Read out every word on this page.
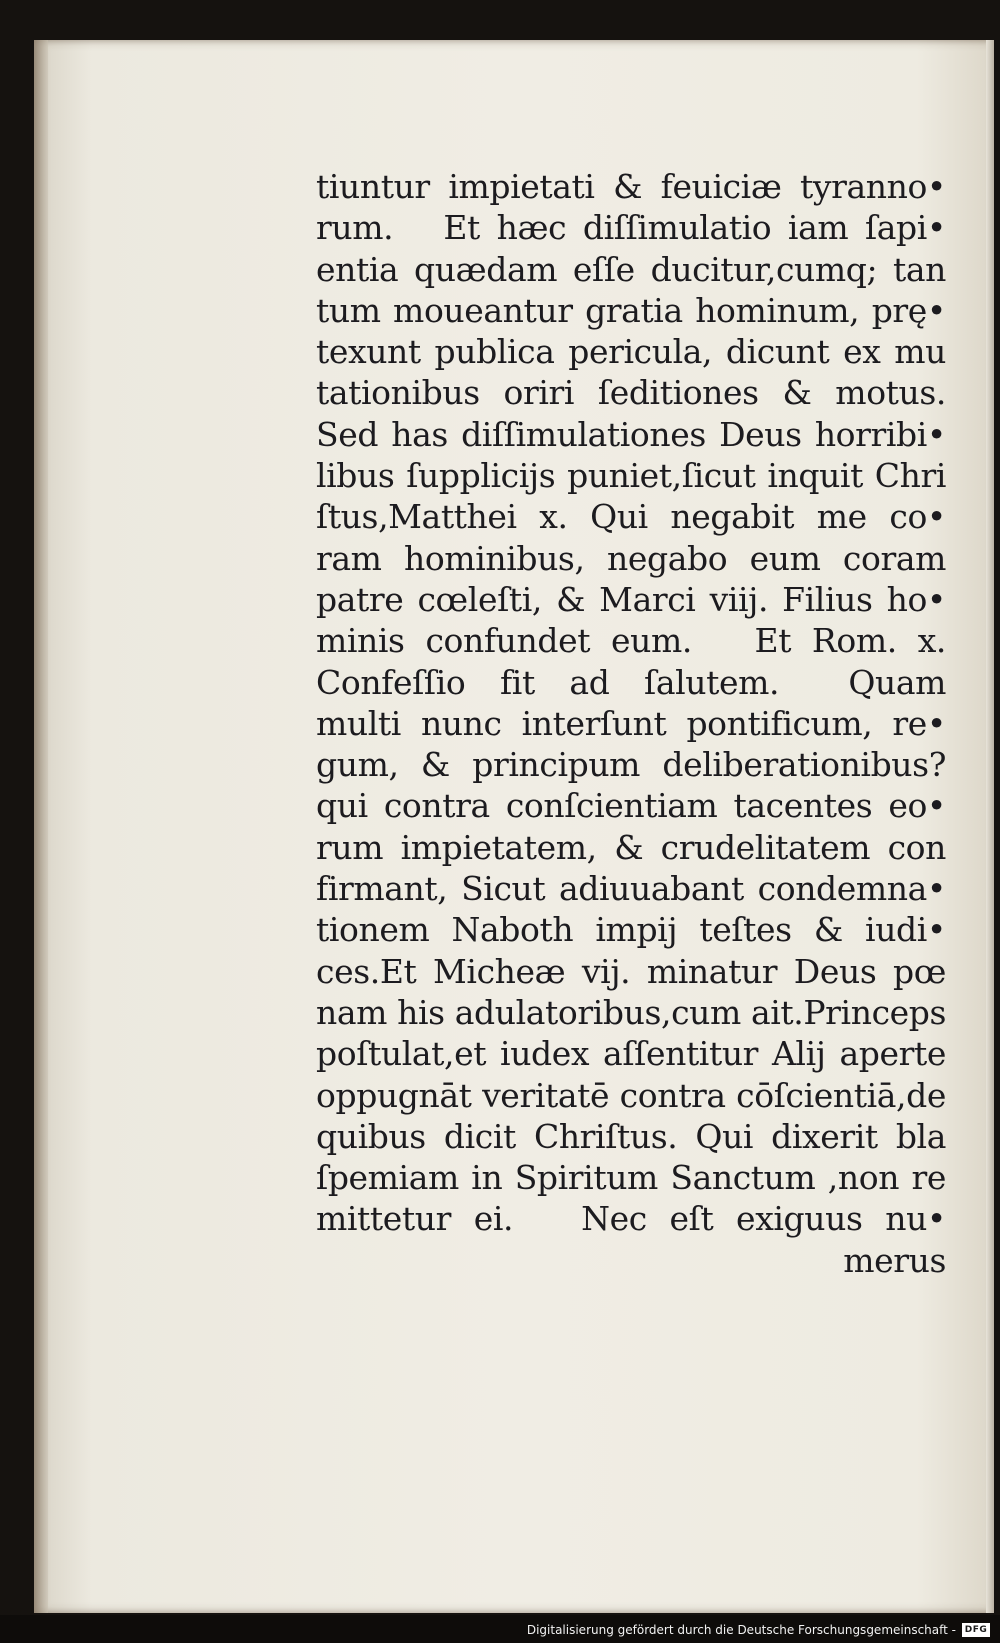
tiuntur impietati & feuiciæ tyranno•
rum.   Et hæc diſſimulatio iam ſapi•
entia quædam eſſe ducitur,cumq; tan
tum moueantur gratia hominum, prę•
texunt publica pericula, dicunt ex mu
tationibus oriri ſeditiones & motus.
Sed has diſſimulationes Deus horribi•
libus ſupplicijs puniet,ſicut inquit Chri
ſtus,Matthei x. Qui negabit me co•
ram hominibus, negabo eum coram
patre cœleſti, & Marci viij. Filius ho•
minis confundet eum.   Et Rom. x.
Confeſſio fit ad ſalutem.  Quam
multi nunc interſunt pontificum, re•
gum, & principum deliberationibus?
qui contra conſcientiam tacentes eo•
rum impietatem, & crudelitatem con
firmant, Sicut adiuuabant condemna•
tionem Naboth impij teſtes & iudi•
ces.Et Micheæ vij. minatur Deus pœ
nam his adulatoribus,cum ait.Princeps
poſtulat,et iudex aſſentitur Alij aperte
oppugnāt veritatē contra cōſcientiā,de
quibus dicit Chriſtus. Qui dixerit bla
ſpemiam in Spiritum Sanctum ,non re
mittetur ei.   Nec eſt exiguus nu•
merus
Digitalisierung gefördert durch die Deutsche Forschungsgemeinschaft - DFG
